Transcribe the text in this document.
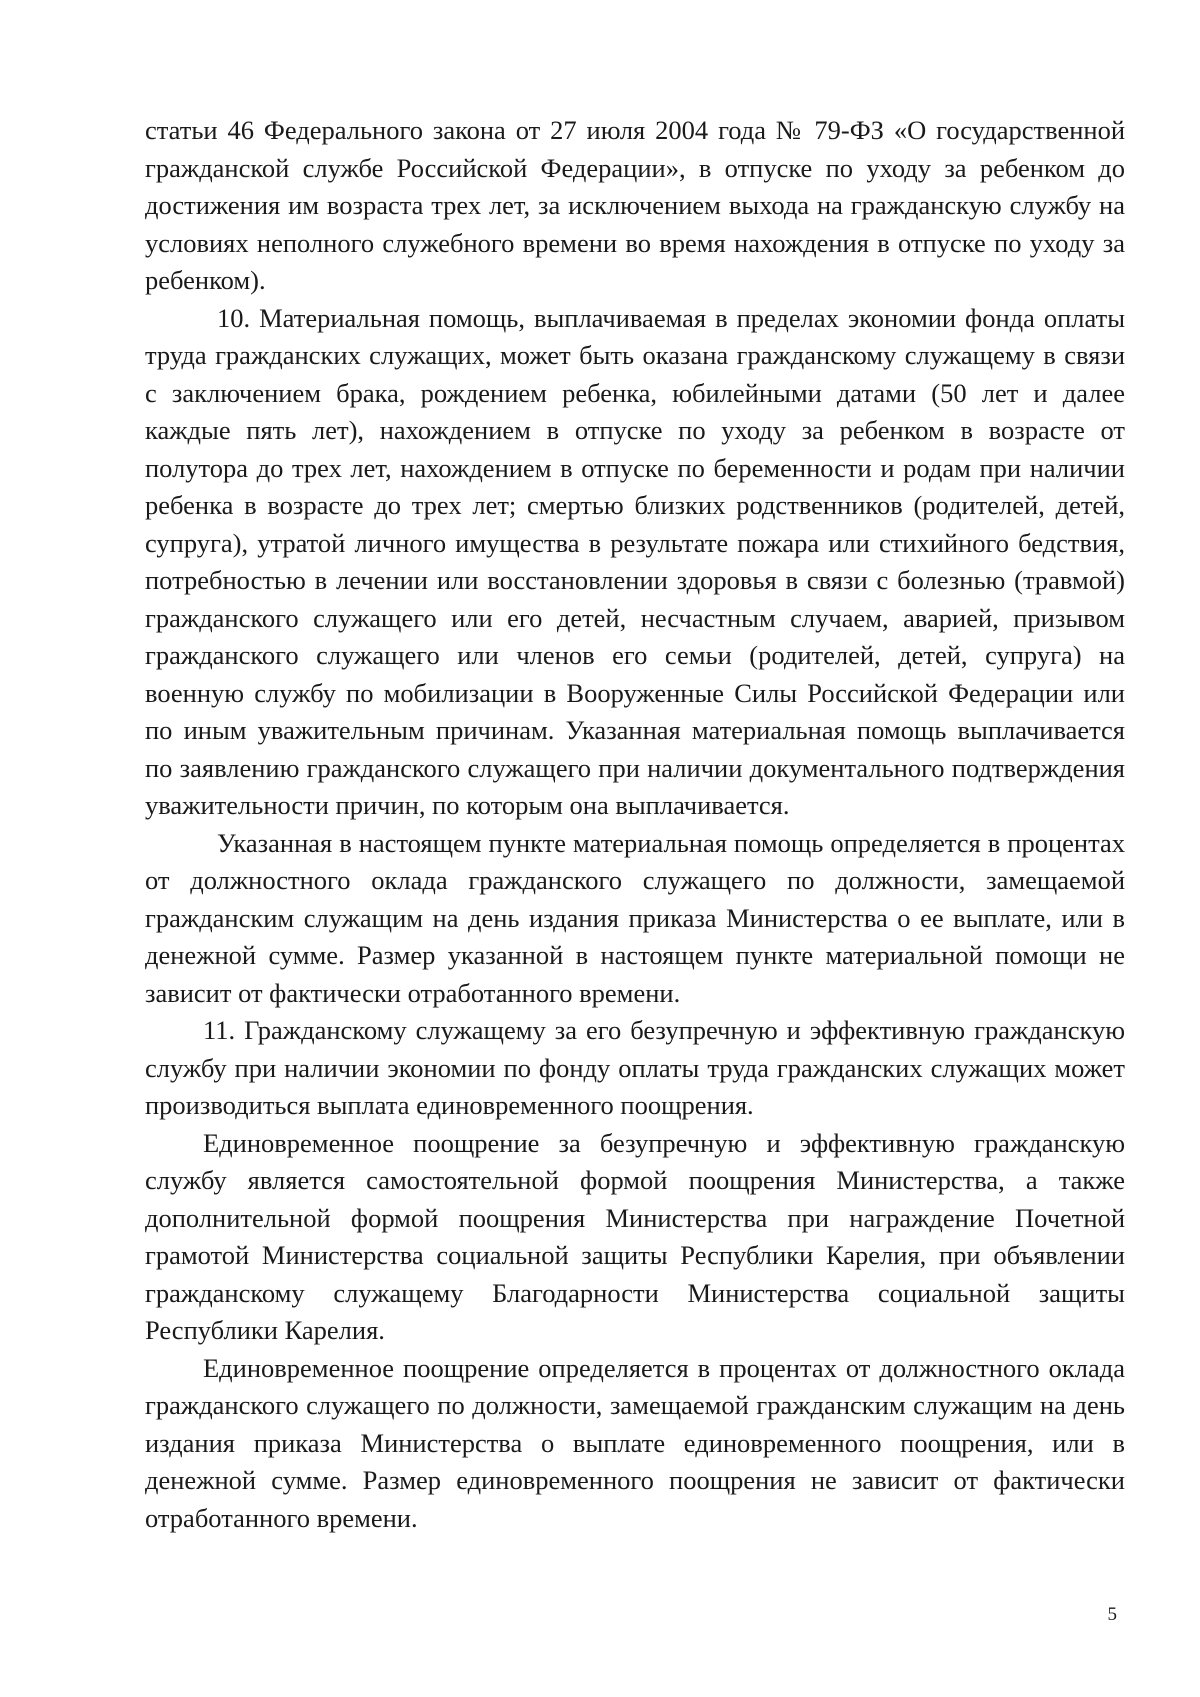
статьи 46 Федерального закона от 27 июля 2004 года № 79-ФЗ «О государственной гражданской службе Российской Федерации», в отпуске по уходу за ребенком до достижения им возраста трех лет, за исключением выхода на гражданскую службу на условиях неполного служебного времени во время нахождения в отпуске по уходу за ребенком).

10. Материальная помощь, выплачиваемая в пределах экономии фонда оплаты труда гражданских служащих, может быть оказана гражданскому служащему в связи с заключением брака, рождением ребенка, юбилейными датами (50 лет и далее каждые пять лет), нахождением в отпуске по уходу за ребенком в возрасте от полутора до трех лет, нахождением в отпуске по беременности и родам при наличии ребенка в возрасте до трех лет; смертью близких родственников (родителей, детей, супруга), утратой личного имущества в результате пожара или стихийного бедствия, потребностью в лечении или восстановлении здоровья в связи с болезнью (травмой) гражданского служащего или его детей, несчастным случаем, аварией, призывом гражданского служащего или членов его семьи (родителей, детей, супруга) на военную службу по мобилизации в Вооруженные Силы Российской Федерации или по иным уважительным причинам. Указанная материальная помощь выплачивается по заявлению гражданского служащего при наличии документального подтверждения уважительности причин, по которым она выплачивается.

Указанная в настоящем пункте материальная помощь определяется в процентах от должностного оклада гражданского служащего по должности, замещаемой гражданским служащим на день издания приказа Министерства о ее выплате, или в денежной сумме. Размер указанной в настоящем пункте материальной помощи не зависит от фактически отработанного времени.

11. Гражданскому служащему за его безупречную и эффективную гражданскую службу при наличии экономии по фонду оплаты труда гражданских служащих может производиться выплата единовременного поощрения.

Единовременное поощрение за безупречную и эффективную гражданскую службу является самостоятельной формой поощрения Министерства, а также дополнительной формой поощрения Министерства при награждение Почетной грамотой Министерства социальной защиты Республики Карелия, при объявлении гражданскому служащему Благодарности Министерства социальной защиты Республики Карелия.

Единовременное поощрение определяется в процентах от должностного оклада гражданского служащего по должности, замещаемой гражданским служащим на день издания приказа Министерства о выплате единовременного поощрения, или в денежной сумме. Размер единовременного поощрения не зависит от фактически отработанного времени.

5
